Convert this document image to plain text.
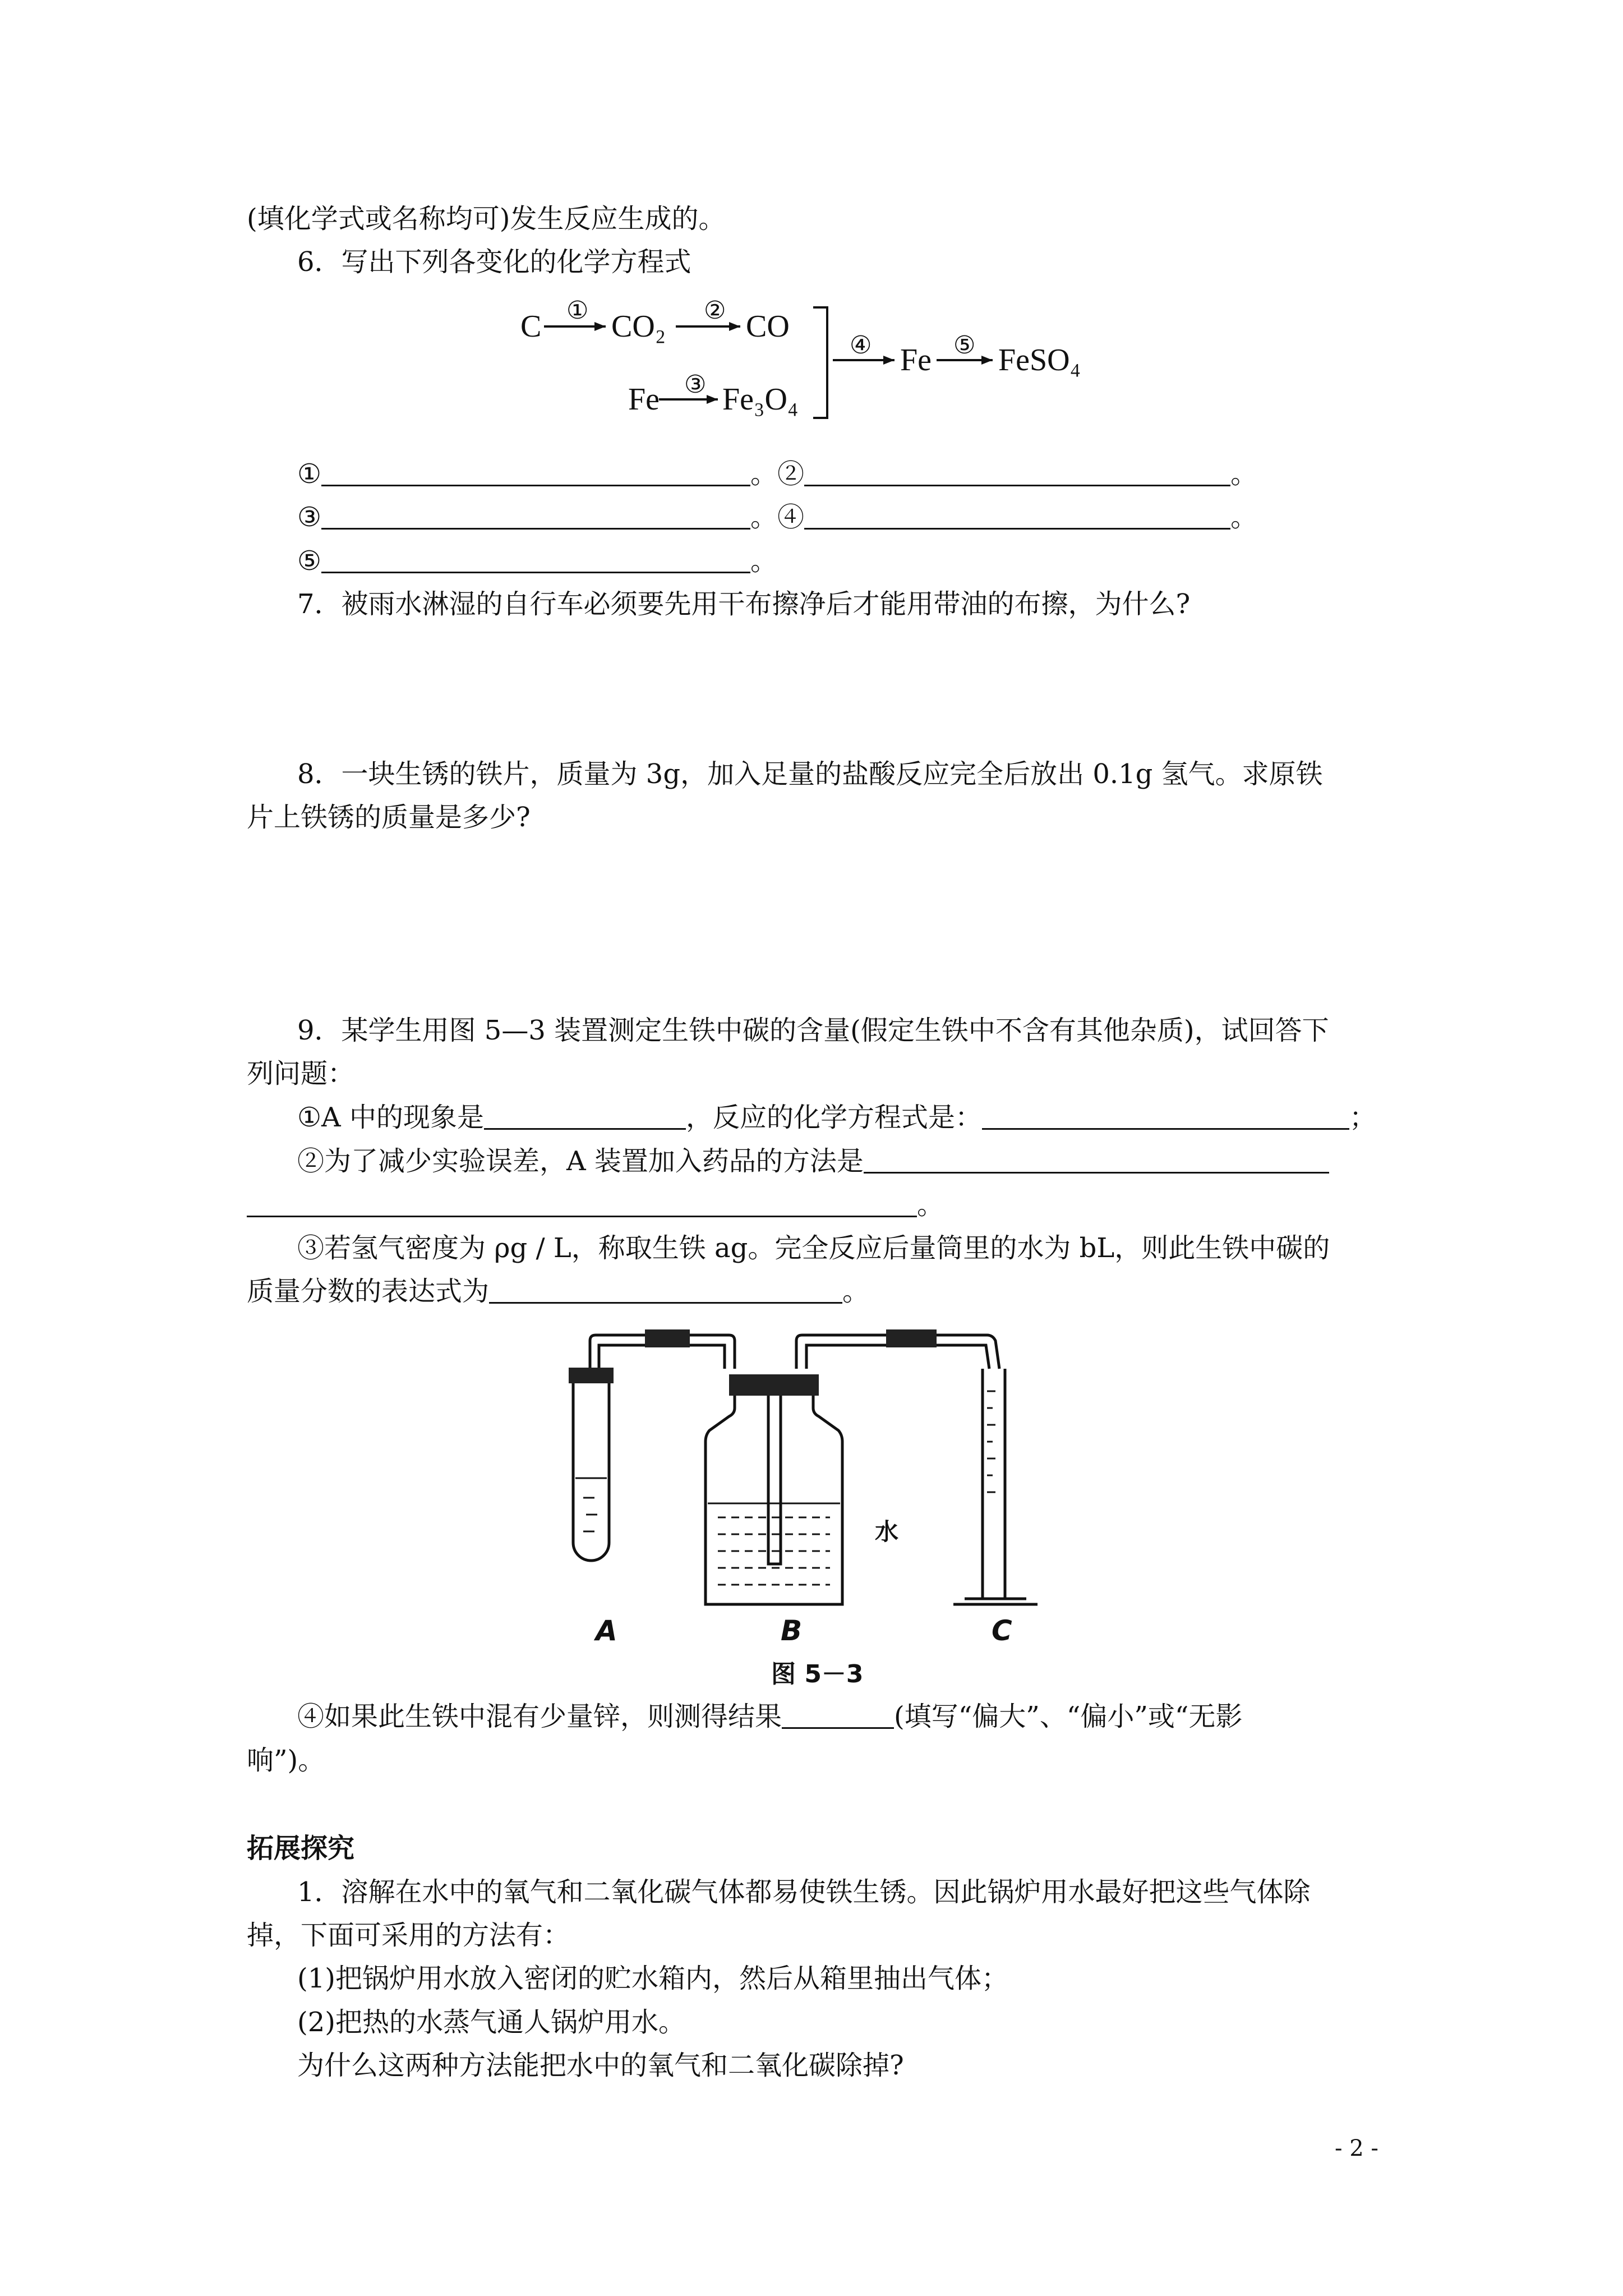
(填化学式或名称均可)发生反应生成的。
6．写出下列各变化的化学方程式
C CO₂	CO
Fe Fe₃O₄
Fe FeSO₄
①	②
③
④	⑤
①	。②	。
③	。④	。
⑤	。
7．被雨水淋湿的自行车必须要先用干布擦净后才能用带油的布擦，为什么?
8．一块生锈的铁片，质量为 3g，加入足量的盐酸反应完全后放出 0.1g 氢气。求原铁
片上铁锈的质量是多少?
9．某学生用图 5—3 装置测定生铁中碳的含量(假定生铁中不含有其他杂质)，试回答下
列问题：
①A 中的现象是	，反应的化学方程式是：	；
②为了减少实验误差，A 装置加入药品的方法是
。
③若氢气密度为 ρg / L，称取生铁 ag。完全反应后量筒里的水为 bL，则此生铁中碳的
质量分数的表达式为	。
水
A	B	C
图 5－3
④如果此生铁中混有少量锌，则测得结果	(填写“偏大”、“偏小”或“无影
响”)。
拓展探究
1．溶解在水中的氧气和二氧化碳气体都易使铁生锈。因此锅炉用水最好把这些气体除
掉，下面可采用的方法有：
(1)把锅炉用水放入密闭的贮水箱内，然后从箱里抽出气体；
(2)把热的水蒸气通人锅炉用水。
为什么这两种方法能把水中的氧气和二氧化碳除掉?
- 2 -
